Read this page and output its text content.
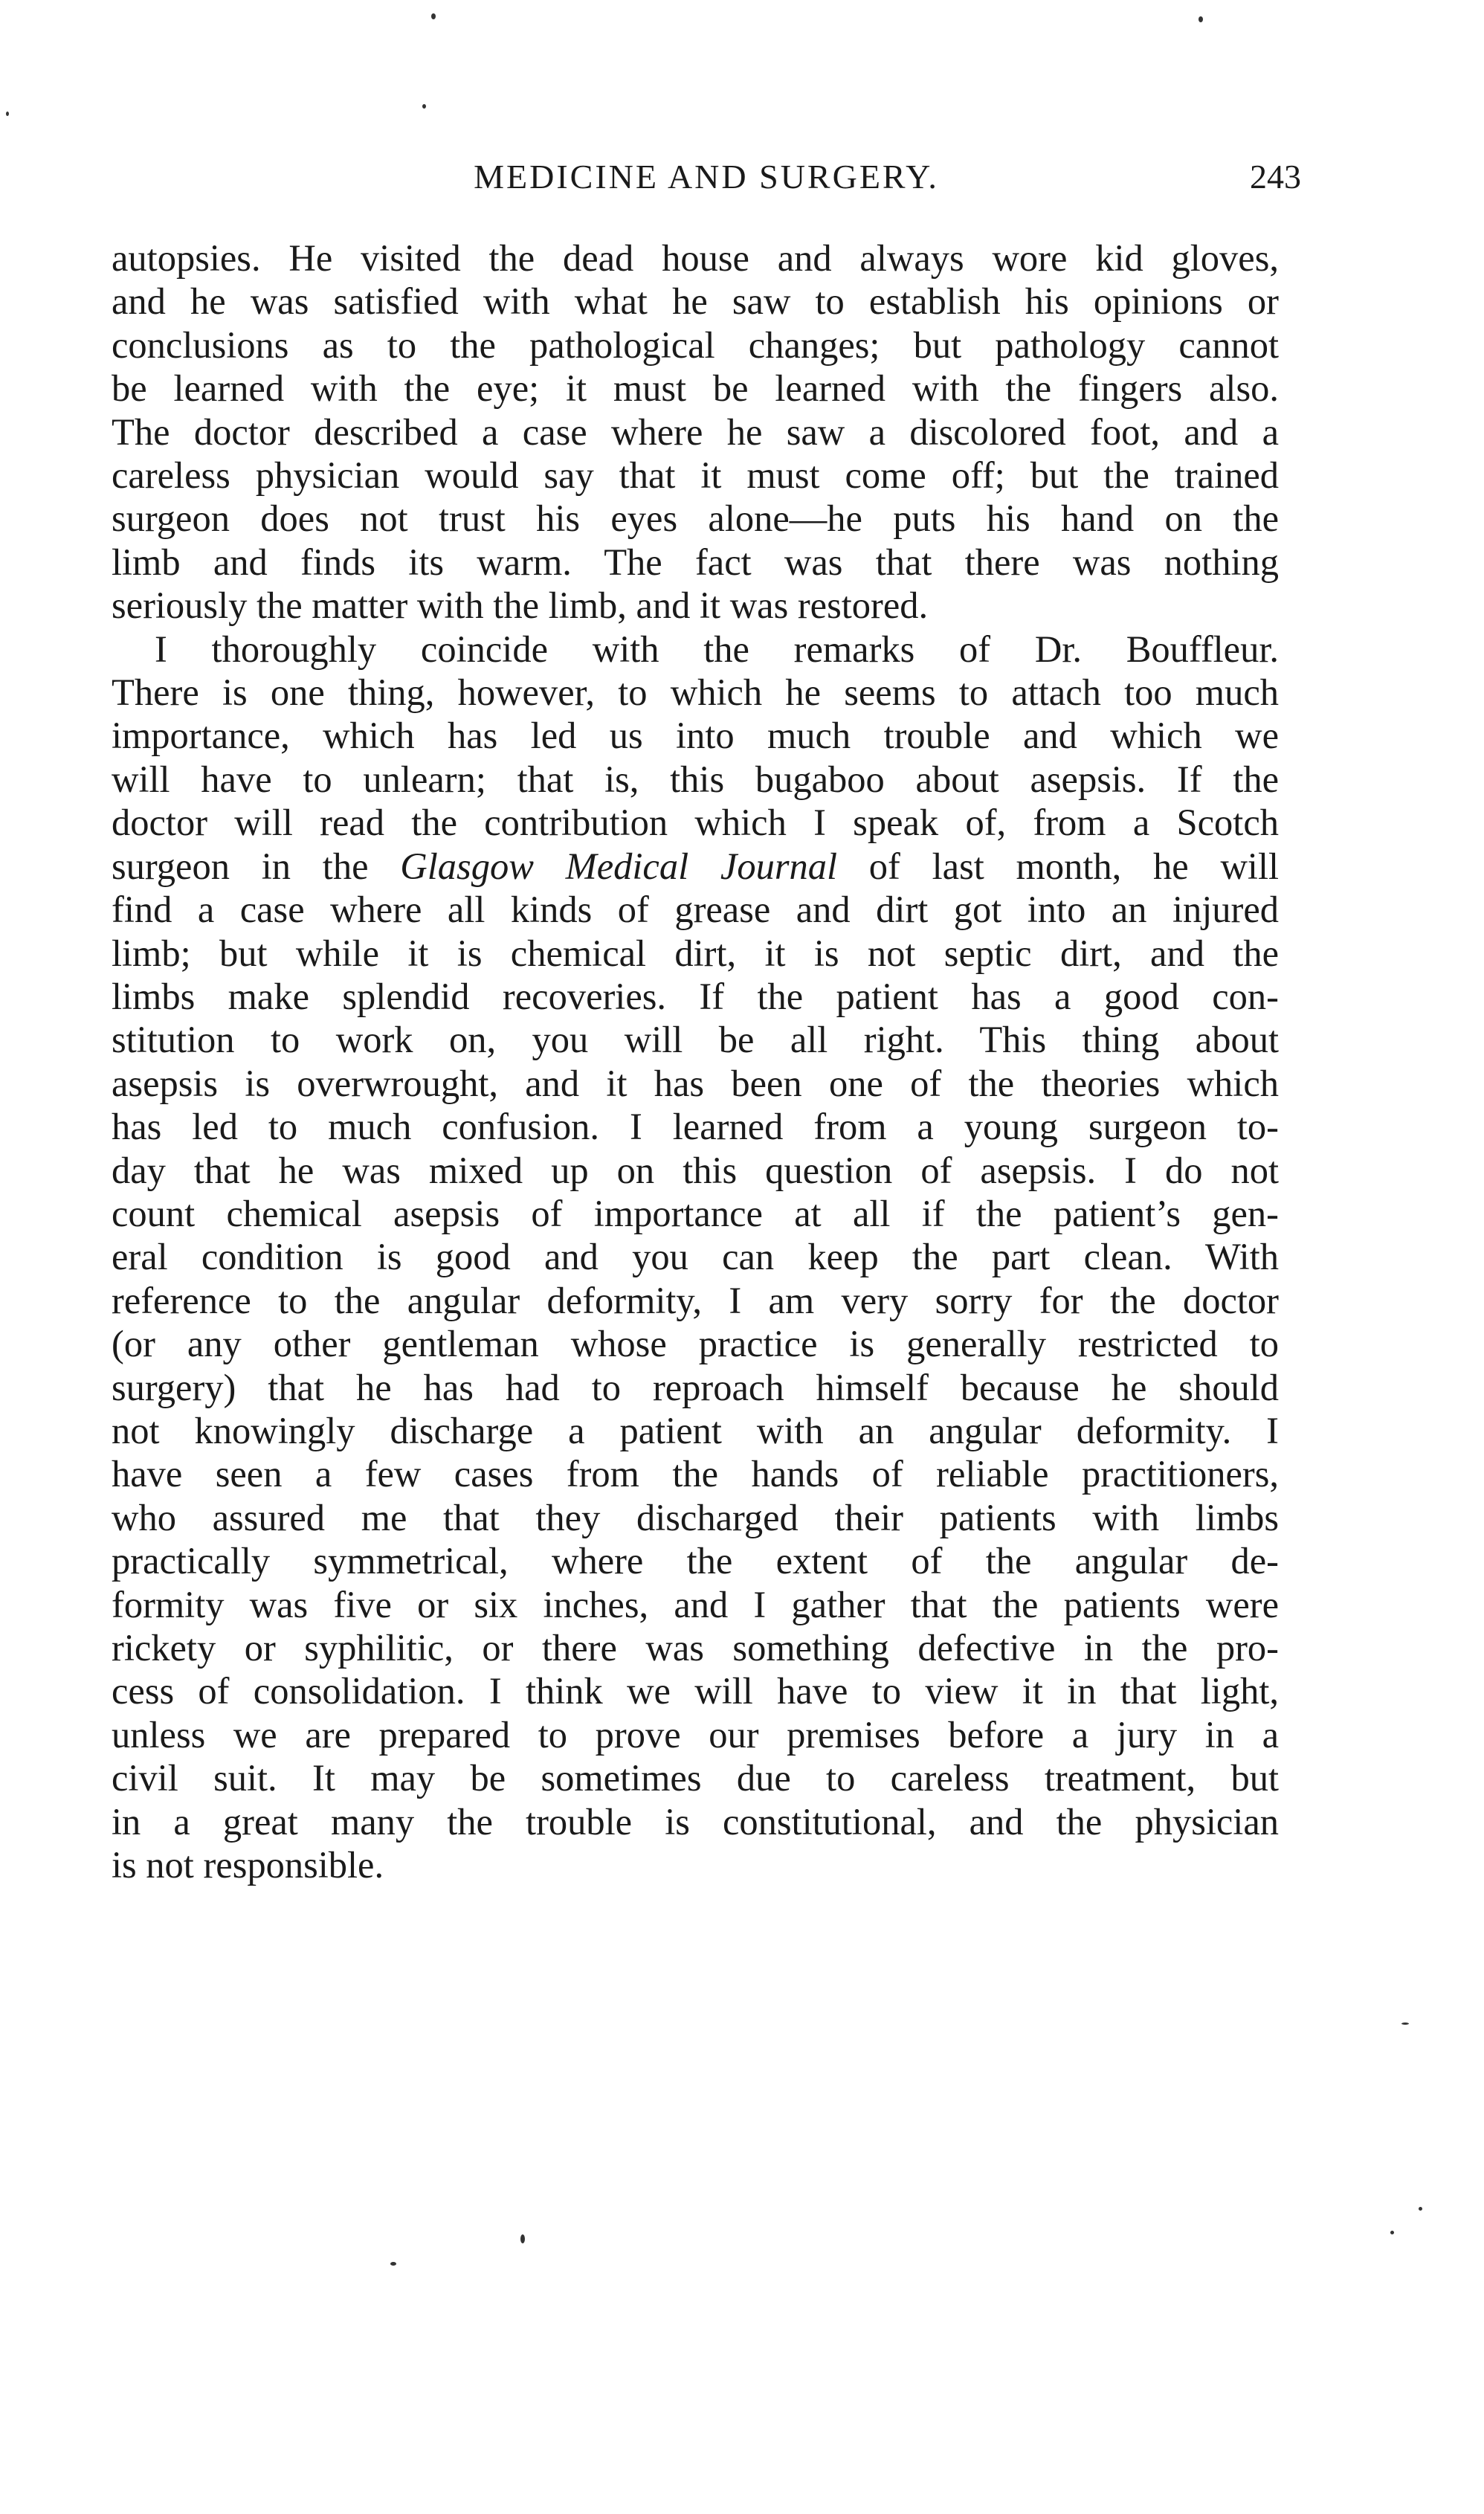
MEDICINE AND SURGERY.	243
autopsies. He visited the dead house and always wore kid gloves,
and he was satisfied with what he saw to establish his opinions or
conclusions as to the pathological changes; but pathology cannot
be learned with the eye; it must be learned with the fingers also.
The doctor described a case where he saw a discolored foot, and a
careless physician would say that it must come off; but the trained
surgeon does not trust his eyes alone—he puts his hand on the
limb and finds its warm. The fact was that there was nothing
seriously the matter with the limb, and it was restored.
I thoroughly coincide with the remarks of Dr. Bouffleur.
There is one thing, however, to which he seems to attach too much
importance, which has led us into much trouble and which we
will have to unlearn; that is, this bugaboo about asepsis. If the
doctor will read the contribution which I speak of, from a Scotch
surgeon in the Glasgow Medical Journal of last month, he will
find a case where all kinds of grease and dirt got into an injured
limb; but while it is chemical dirt, it is not septic dirt, and the
limbs make splendid recoveries. If the patient has a good con-
stitution to work on, you will be all right. This thing about
asepsis is overwrought, and it has been one of the theories which
has led to much confusion. I learned from a young surgeon to-
day that he was mixed up on this question of asepsis. I do not
count chemical asepsis of importance at all if the patient’s gen-
eral condition is good and you can keep the part clean. With
reference to the angular deformity, I am very sorry for the doctor
(or any other gentleman whose practice is generally restricted to
surgery) that he has had to reproach himself because he should
not knowingly discharge a patient with an angular deformity. I
have seen a few cases from the hands of reliable practitioners,
who assured me that they discharged their patients with limbs
practically symmetrical, where the extent of the angular de-
formity was five or six inches, and I gather that the patients were
rickety or syphilitic, or there was something defective in the pro-
cess of consolidation. I think we will have to view it in that light,
unless we are prepared to prove our premises before a jury in a
civil suit. It may be sometimes due to careless treatment, but
in a great many the trouble is constitutional, and the physician
is not responsible.
